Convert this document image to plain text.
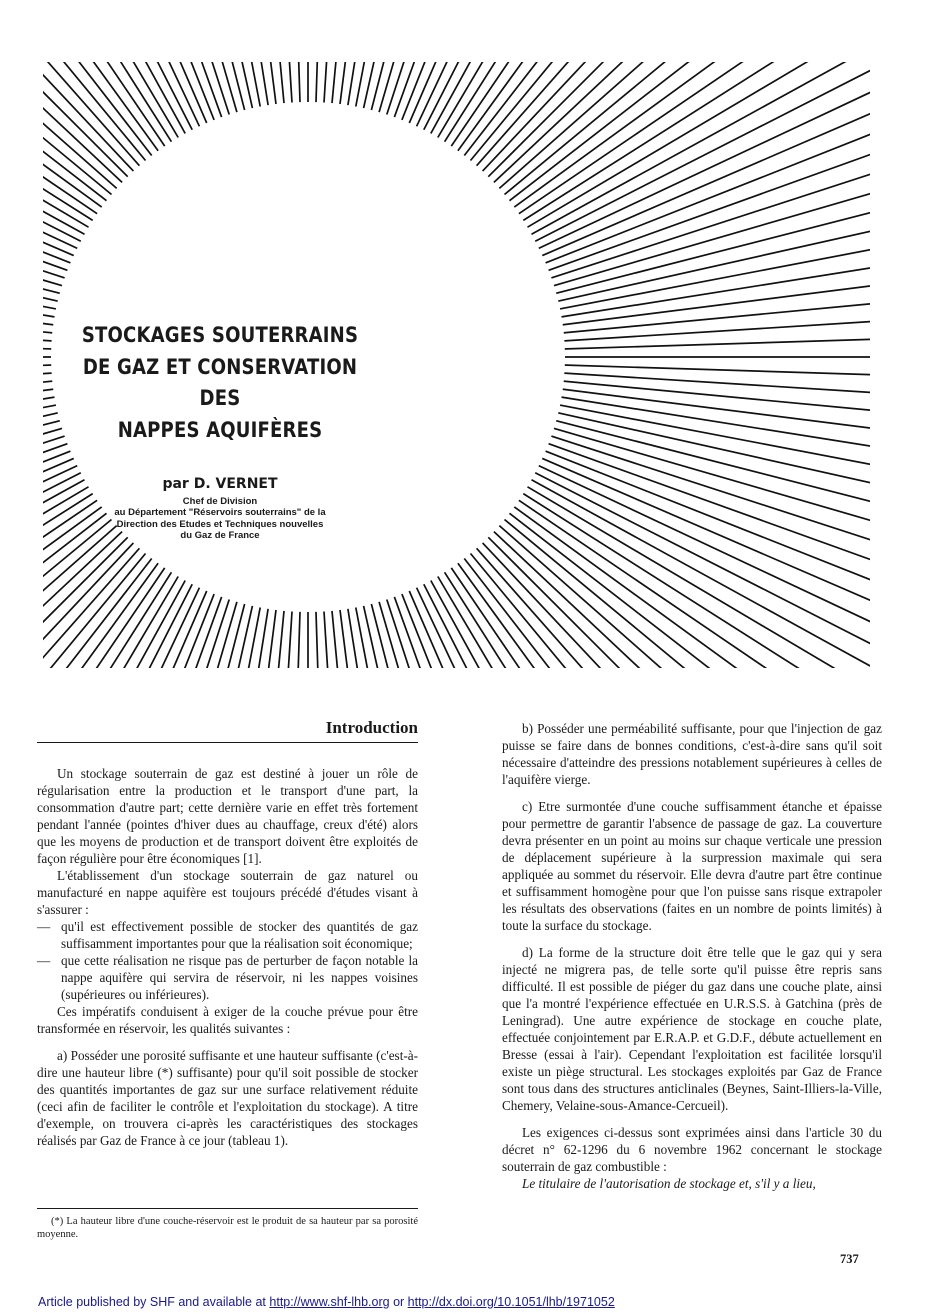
STOCKAGES SOUTERRAINS
DE GAZ ET CONSERVATION DES
NAPPES AQUIFÈRES
par D. VERNET
Chef de Division
au Département "Réservoirs souterrains" de la
Direction des Etudes et Techniques nouvelles
du Gaz de France
Introduction

Un stockage souterrain de gaz est destiné à jouer un rôle de régularisation entre la production et le transport d'une part, la consommation d'autre part; cette dernière varie en effet très fortement pendant l'année (pointes d'hiver dues au chauffage, creux d'été) alors que les moyens de production et de transport doivent être exploités de façon régulière pour être économiques [1].

L'établissement d'un stockage souterrain de gaz naturel ou manufacturé en nappe aquifère est toujours précédé d'études visant à s'assurer :

— qu'il est effectivement possible de stocker des quantités de gaz suffisamment importantes pour que la réalisation soit économique;

— que cette réalisation ne risque pas de perturber de façon notable la nappe aquifère qui servira de réservoir, ni les nappes voisines (supérieures ou inférieures).

Ces impératifs conduisent à exiger de la couche prévue pour être transformée en réservoir, les qualités suivantes :

a) Posséder une porosité suffisante et une hauteur suffisante (c'est-à-dire une hauteur libre (*) suffisante) pour qu'il soit possible de stocker des quantités importantes de gaz sur une surface relativement réduite (ceci afin de faciliter le contrôle et l'exploitation du stockage). A titre d'exemple, on trouvera ci-après les caractéristiques des stockages réalisés par Gaz de France à ce jour (tableau 1).

(*) La hauteur libre d'une couche-réservoir est le produit de sa hauteur par sa porosité moyenne.

b) Posséder une perméabilité suffisante, pour que l'injection de gaz puisse se faire dans de bonnes conditions, c'est-à-dire sans qu'il soit nécessaire d'atteindre des pressions notablement supérieures à celles de l'aquifère vierge.

c) Etre surmontée d'une couche suffisamment étanche et épaisse pour permettre de garantir l'absence de passage de gaz. La couverture devra présenter en un point au moins sur chaque verticale une pression de déplacement supérieure à la surpression maximale qui sera appliquée au sommet du réservoir. Elle devra d'autre part être continue et suffisamment homogène pour que l'on puisse sans risque extrapoler les résultats des observations (faites en un nombre de points limités) à toute la surface du stockage.

d) La forme de la structure doit être telle que le gaz qui y sera injecté ne migrera pas, de telle sorte qu'il puisse être repris sans difficulté. Il est possible de piéger du gaz dans une couche plate, ainsi que l'a montré l'expérience effectuée en U.R.S.S. à Gatchina (près de Leningrad). Une autre expérience de stockage en couche plate, effectuée conjointement par E.R.A.P. et G.D.F., débute actuellement en Bresse (essai à l'air). Cependant l'exploitation est facilitée lorsqu'il existe un piège structural. Les stockages exploités par Gaz de France sont tous dans des structures anticlinales (Beynes, Saint-Illiers-la-Ville, Chemery, Velaine-sous-Amance-Cercueil).

Les exigences ci-dessus sont exprimées ainsi dans l'article 30 du décret n° 62-1296 du 6 novembre 1962 concernant le stockage souterrain de gaz combustible :

Le titulaire de l'autorisation de stockage et, s'il y a lieu,

737
Article published by SHF and available at http://www.shf-lhb.org or http://dx.doi.org/10.1051/lhb/1971052
